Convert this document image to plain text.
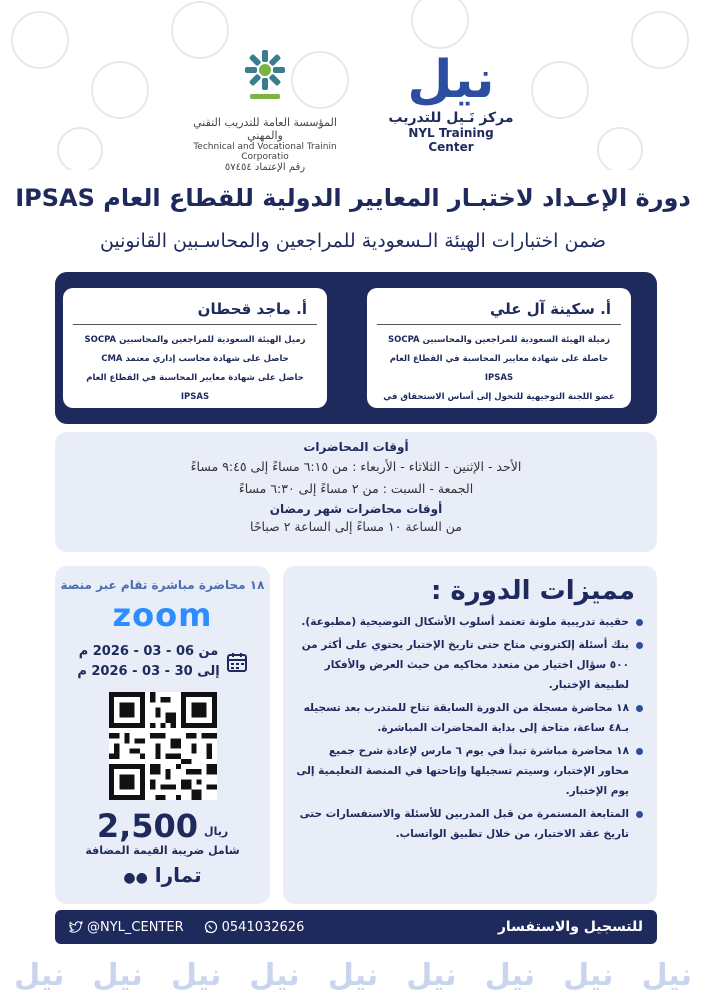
نيل
مركز نَـيل للتدريب
NYL Training Center
المؤسسة العامة للتدريب التقني والمهني
Technical and Vocational Trainin Corporatio
رقم الإعتماد ٥٧٤٥٤
دورة الإعـداد لاختبـار المعايير الدولية للقطاع العام IPSAS
ضمن اختبارات الهيئة الـسعودية للمراجعين والمحاسـبين القانونين
أ. سكينة آل علي
زميلة الهيئة السعودية للمراجعين والمحاسبين SOCPA
حاصلة على شهادة معايير المحاسبة في القطاع العام IPSAS
عضو اللجنة التوجيهية للتحول إلى أساس الاستحقاق في أحد الجهات الحكومية
أ. ماجد قحطان
زميل الهيئة السعودية للمراجعين والمحاسبين SOCPA
حاصل على شهادة محاسب إداري معتمد CMA
حاصل على شهادة معايير المحاسبة في القطاع العام IPSAS
أوقات المحاضرات

الأحد - الإثنين - الثلاثاء - الأربعاء : من ٦:١٥ مساءً إلى ٩:٤٥ مساءً

الجمعة - السبت : من ٢ مساءً إلى ٦:٣٠ مساءً

أوقات محاضرات شهر رمضان

من الساعة ١٠ مساءً إلى الساعة ٢ صباحًا

١٨ محاضرة مباشرة تقام عبر منصة
zoom
من 06 - 03 - 2026 م
إلى 30 - 03 - 2026 م
ريال
2,500
شامل ضريبة القيمة المضافة
تمارا ●●
مميزات الدورة :
حقيبة تدريبية ملونة تعتمد أسلوب الأشكال التوضيحية (مطبوعة).
بنك أسئلة إلكتروني متاح حتى تاريخ الإختبار يحتوي على أكثر من ٥٠٠ سؤال اختيار من متعدد محاكيه من حيث العرض والأفكار لطبيعة الإختبار.
١٨ محاضرة مسجلة من الدورة السابقة تتاح للمتدرب بعد تسجيله بـ٤٨ ساعة، متاحة إلى بداية المحاضرات المباشرة.
١٨ محاضرة مباشرة تبدأ في يوم ٦ مارس لإعادة شرح جميع محاور الإختبار، وسيتم تسجيلها وإتاحتها في المنصة التعليمية إلى يوم الإختبار.
المتابعة المستمرة من قبل المدربين للأسئلة والاستفسارات حتى تاريخ عقد الاختبار، من خلال تطبيق الواتساب.
@NYL_CENTER	0541032626	للتسجيل والاستفسار
نيل نيل نيل نيل نيل نيل نيل نيل نيل
